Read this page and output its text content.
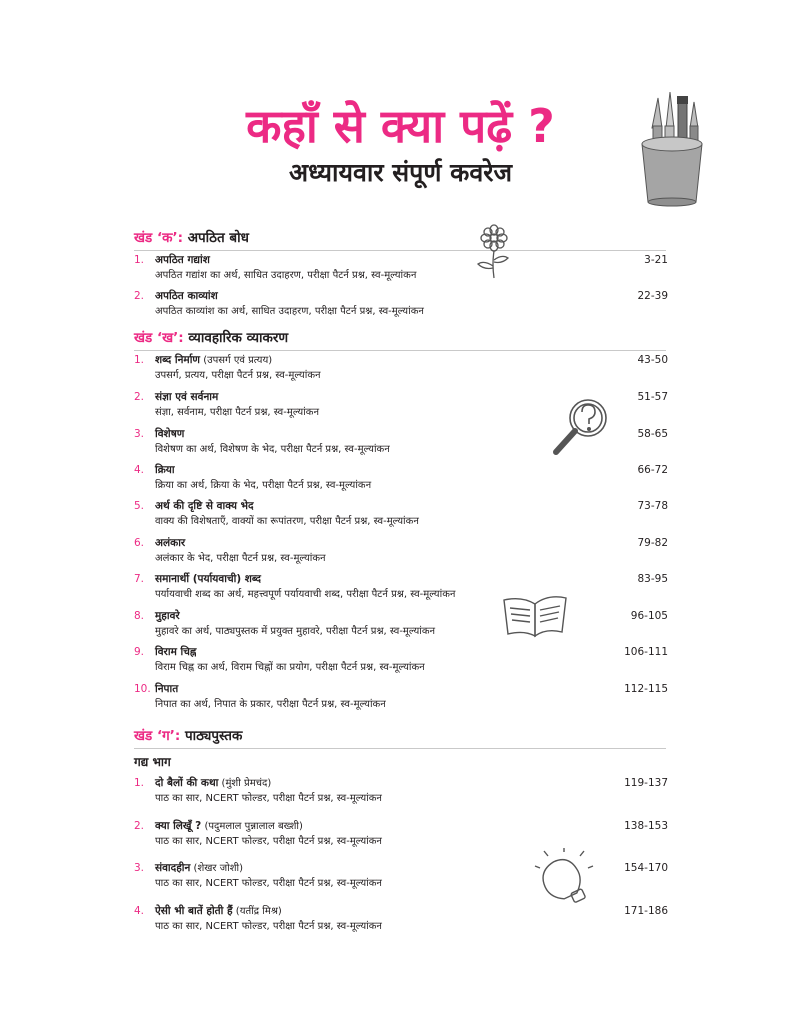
कहाँ से क्या पढ़ें ?
अध्यायवार संपूर्ण कवरेज
खंड ‘क’: अपठित बोध
1.	अपठित गद्यांश
अपठित गद्यांश का अर्थ, साधित उदाहरण, परीक्षा पैटर्न प्रश्न, स्व-मूल्यांकन
3-21
2.	अपठित काव्यांश
अपठित काव्यांश का अर्थ, साधित उदाहरण, परीक्षा पैटर्न प्रश्न, स्व-मूल्यांकन
22-39
खंड ‘ख’: व्यावहारिक व्याकरण
1.	शब्द निर्माण (उपसर्ग एवं प्रत्यय)
उपसर्ग, प्रत्यय, परीक्षा पैटर्न प्रश्न, स्व-मूल्यांकन
43-50
2.	संज्ञा एवं सर्वनाम
संज्ञा, सर्वनाम, परीक्षा पैटर्न प्रश्न, स्व-मूल्यांकन
51-57
3.	विशेषण
विशेषण का अर्थ, विशेषण के भेद, परीक्षा पैटर्न प्रश्न, स्व-मूल्यांकन
58-65
4.	क्रिया
क्रिया का अर्थ, क्रिया के भेद, परीक्षा पैटर्न प्रश्न, स्व-मूल्यांकन
66-72
5.	अर्थ की दृष्टि से वाक्य भेद
वाक्य की विशेषताएँ, वाक्यों का रूपांतरण, परीक्षा पैटर्न प्रश्न, स्व-मूल्यांकन
73-78
6.	अलंकार
अलंकार के भेद, परीक्षा पैटर्न प्रश्न, स्व-मूल्यांकन
79-82
7.	समानार्थी (पर्यायवाची) शब्द
पर्यायवाची शब्द का अर्थ, महत्त्वपूर्ण पर्यायवाची शब्द, परीक्षा पैटर्न प्रश्न, स्व-मूल्यांकन
83-95
8.	मुहावरे
मुहावरे का अर्थ, पाठ्यपुस्तक में प्रयुक्त मुहावरे, परीक्षा पैटर्न प्रश्न, स्व-मूल्यांकन
96-105
9.	विराम चिह्न
विराम चिह्न का अर्थ, विराम चिह्नों का प्रयोग, परीक्षा पैटर्न प्रश्न, स्व-मूल्यांकन
106-111
10. निपात
निपात का अर्थ, निपात के प्रकार, परीक्षा पैटर्न प्रश्न, स्व-मूल्यांकन
112-115
खंड ‘ग’: पाठ्यपुस्तक
गद्य भाग
1.	दो बैलों की कथा (मुंशी प्रेमचंद)
पाठ का सार, NCERT फोल्डर, परीक्षा पैटर्न प्रश्न, स्व-मूल्यांकन
119-137
2.	क्या लिखूँ ? (पदुमलाल पुन्नालाल बख्शी)
पाठ का सार, NCERT फोल्डर, परीक्षा पैटर्न प्रश्न, स्व-मूल्यांकन
138-153
3.	संवादहीन (शेखर जोशी)
पाठ का सार, NCERT फोल्डर, परीक्षा पैटर्न प्रश्न, स्व-मूल्यांकन
154-170
4.	ऐसी भी बातें होती हैं (यतींद्र मिश्र)
पाठ का सार, NCERT फोल्डर, परीक्षा पैटर्न प्रश्न, स्व-मूल्यांकन
171-186
